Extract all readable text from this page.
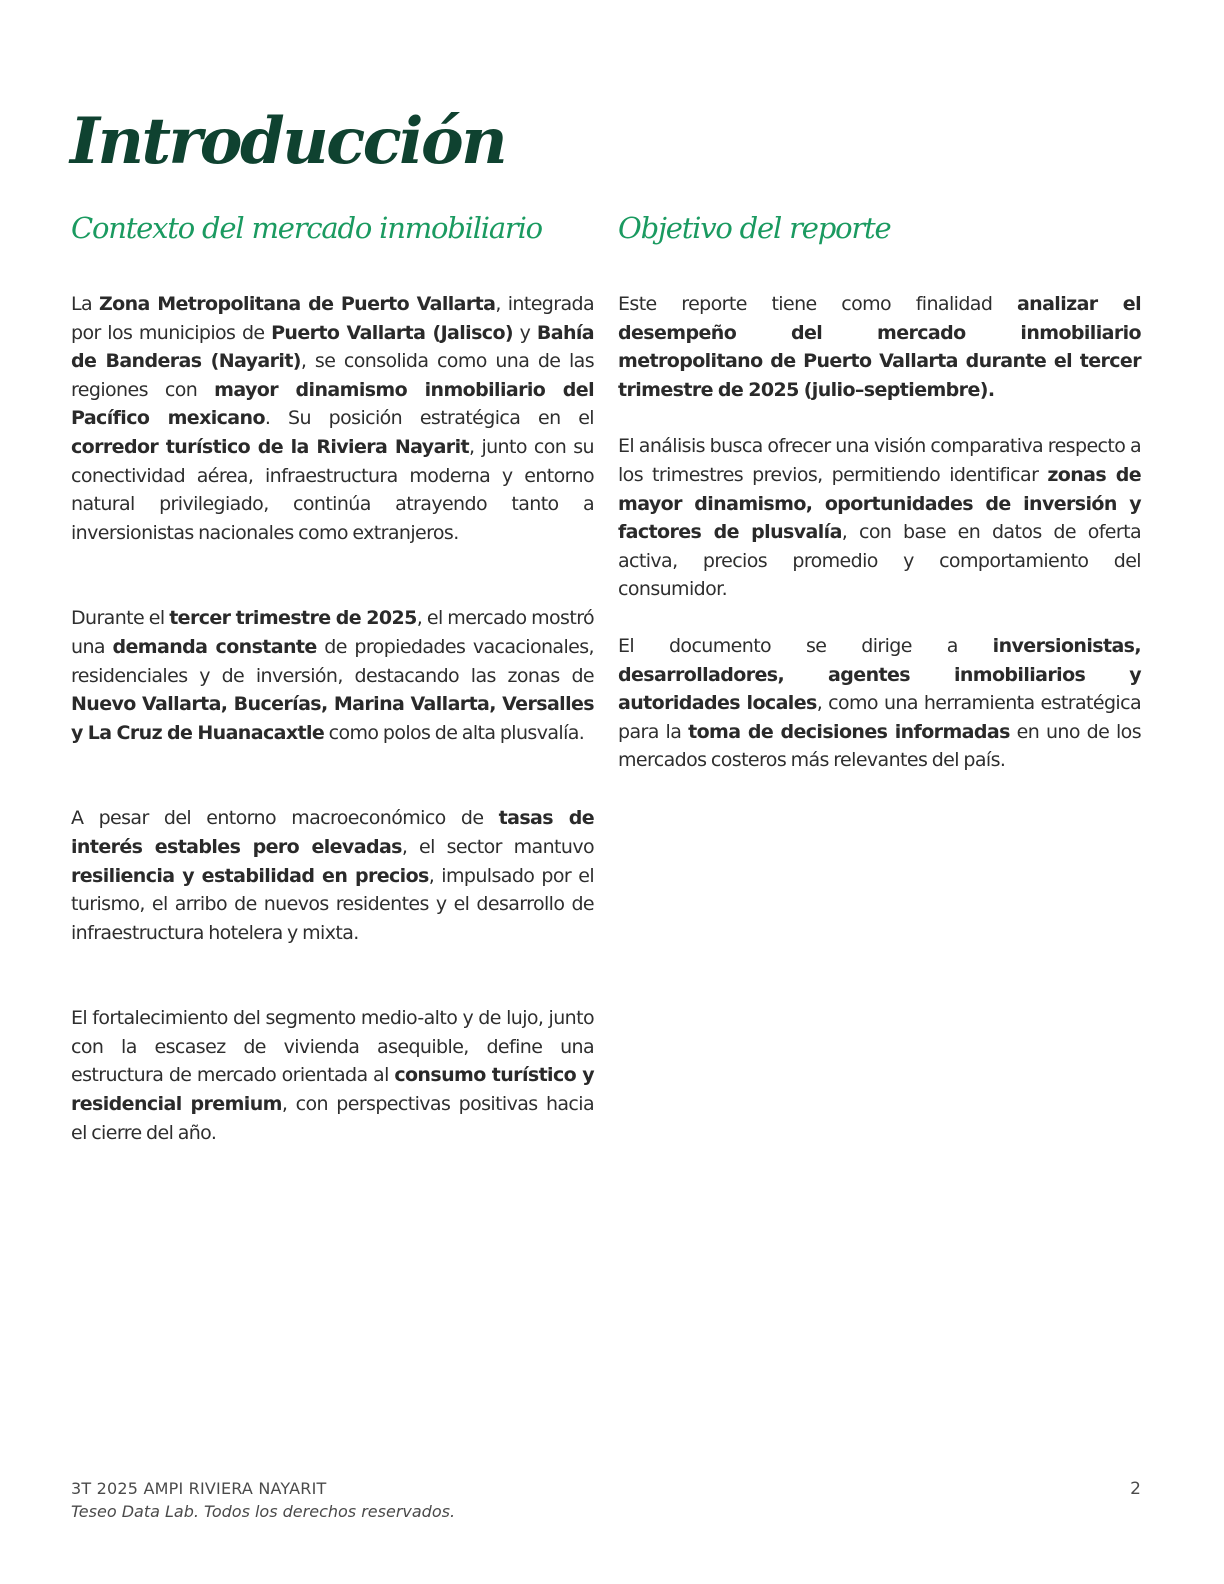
Introducción
Contexto del mercado inmobiliario

La Zona Metropolitana de Puerto Vallarta, integrada por los municipios de Puerto Vallarta (Jalisco) y Bahía de Banderas (Nayarit), se consolida como una de las regiones con mayor dinamismo inmobiliario del Pacífico mexicano. Su posición estratégica en el corredor turístico de la Riviera Nayarit, junto con su conectividad aérea, infraestructura moderna y entorno natural privilegiado, continúa atrayendo tanto a inversionistas nacionales como extranjeros.

Durante el tercer trimestre de 2025, el mercado mostró una demanda constante de propiedades vacacionales, residenciales y de inversión, destacando las zonas de Nuevo Vallarta, Bucerías, Marina Vallarta, Versalles y La Cruz de Huanacaxtle como polos de alta plusvalía.

A pesar del entorno macroeconómico de tasas de interés estables pero elevadas, el sector mantuvo resiliencia y estabilidad en precios, impulsado por el turismo, el arribo de nuevos residentes y el desarrollo de infraestructura hotelera y mixta.

El fortalecimiento del segmento medio-alto y de lujo, junto con la escasez de vivienda asequible, define una estructura de mercado orientada al consumo turístico y residencial premium, con perspectivas positivas hacia el cierre del año.

Objetivo del reporte

Este reporte tiene como finalidad analizar el desempeño del mercado inmobiliario metropolitano de Puerto Vallarta durante el tercer trimestre de 2025 (julio–septiembre).

El análisis busca ofrecer una visión comparativa respecto a los trimestres previos, permitiendo identificar zonas de mayor dinamismo, oportunidades de inversión y factores de plusvalía, con base en datos de oferta activa, precios promedio y comportamiento del consumidor.

El documento se dirige a inversionistas, desarrolladores, agentes inmobiliarios y autoridades locales, como una herramienta estratégica para la toma de decisiones informadas en uno de los mercados costeros más relevantes del país.

3T 2025 AMPI RIVIERA NAYARIT
Teseo Data Lab. Todos los derechos reservados.
2
